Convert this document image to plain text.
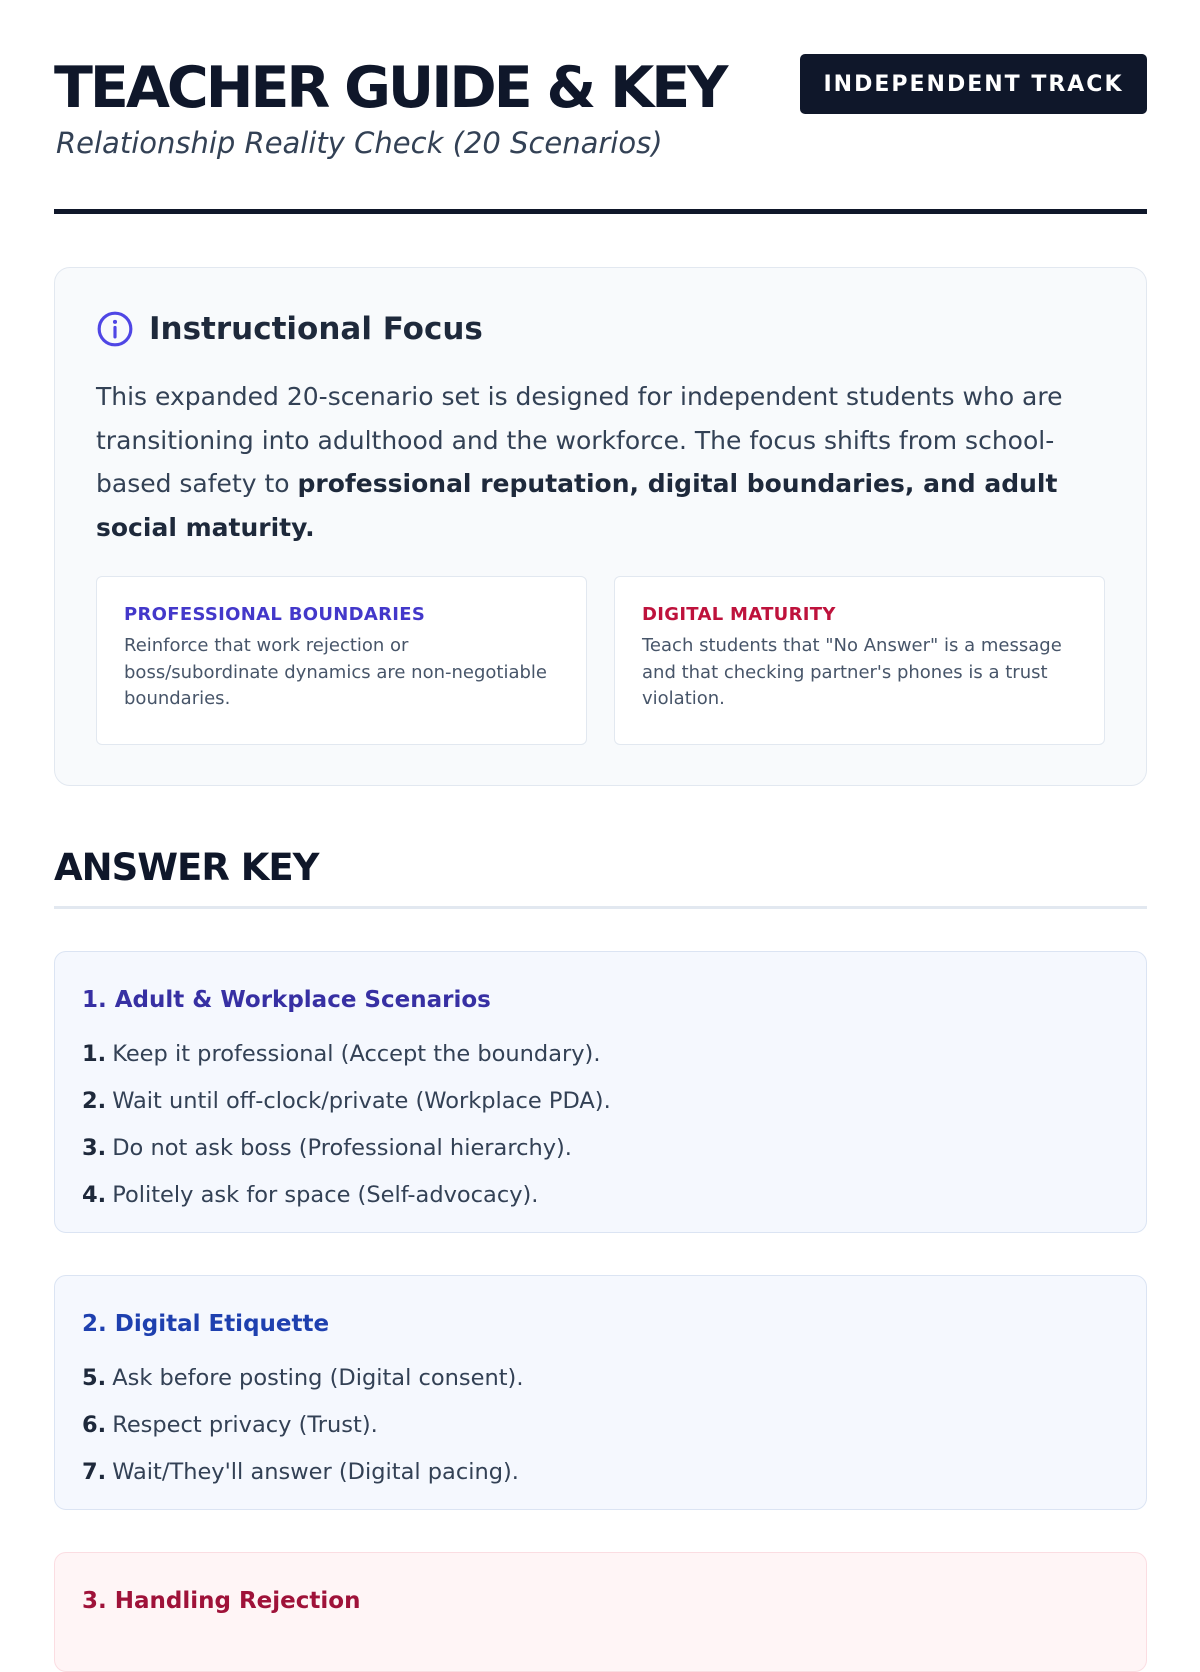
TEACHER GUIDE & KEY
Relationship Reality Check (20 Scenarios)
INDEPENDENT TRACK
Instructional Focus

This expanded 20-scenario set is designed for independent students who are transitioning into adulthood and the workforce. The focus shifts from school-based safety to professional reputation, digital boundaries, and adult social maturity.

PROFESSIONAL BOUNDARIES
Reinforce that work rejection or boss/subordinate dynamics are non-negotiable boundaries.
DIGITAL MATURITY
Teach students that "No Answer" is a message and that checking partner's phones is a trust violation.
ANSWER KEY
1. Adult & Workplace Scenarios
1. Keep it professional (Accept the boundary).
2. Wait until off-clock/private (Workplace PDA).
3. Do not ask boss (Professional hierarchy).
4. Politely ask for space (Self-advocacy).
2. Digital Etiquette
5. Ask before posting (Digital consent).
6. Respect privacy (Trust).
7. Wait/They'll answer (Digital pacing).
3. Handling Rejection
